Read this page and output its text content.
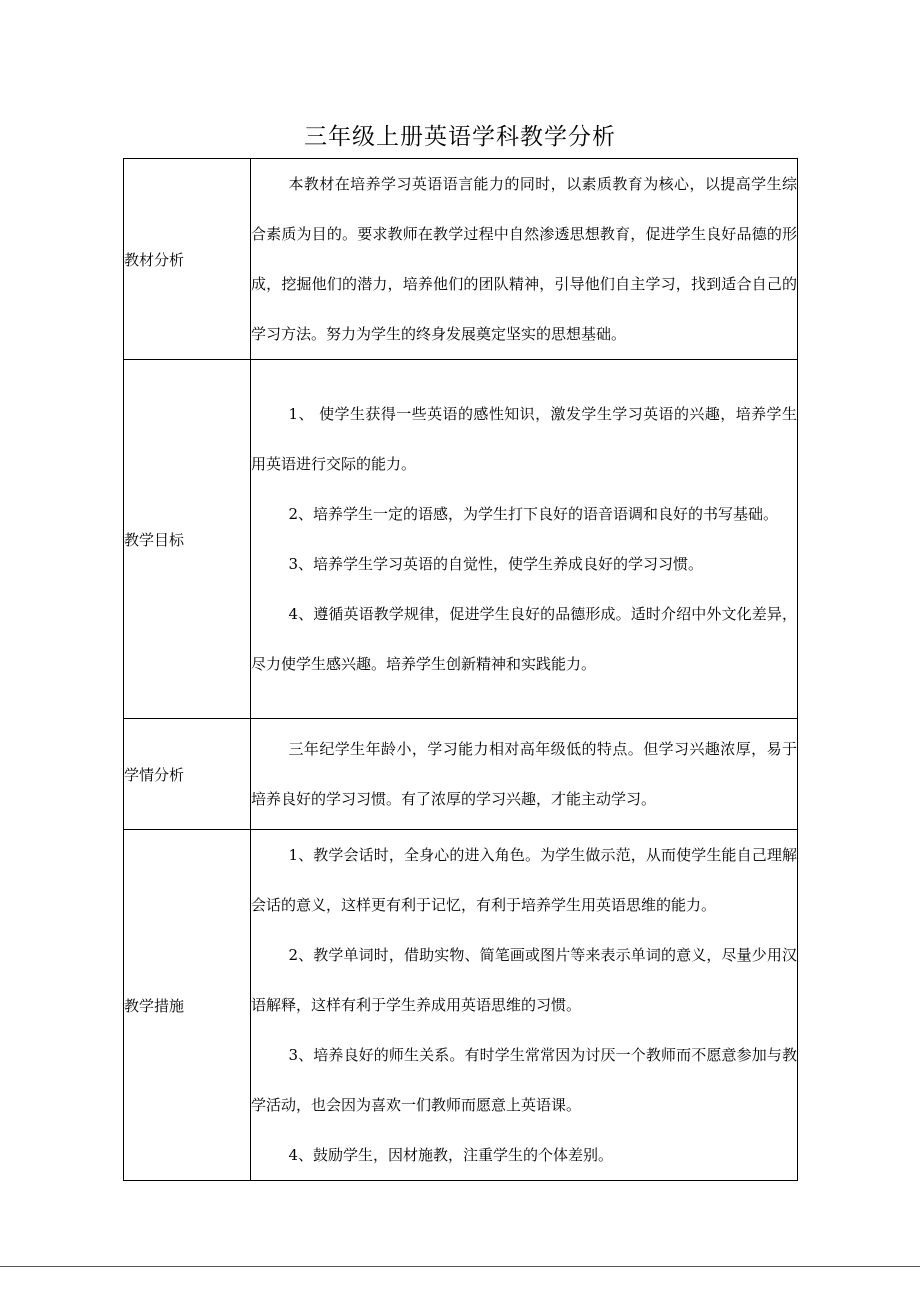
三年级上册英语学科教学分析
教材分析	本教材在培养学习英语语言能力的同时，以素质教育为核心，以提高学生综合素质为目的。要求教师在教学过程中自然渗透思想教育，促进学生良好品德的形成，挖掘他们的潜力，培养他们的团队精神，引导他们自主学习，找到适合自己的学习方法。努力为学生的终身发展奠定坚实的思想基础。

教学目标	1、 使学生获得一些英语的感性知识，激发学生学习英语的兴趣，培养学生用英语进行交际的能力。

2、培养学生一定的语感，为学生打下良好的语音语调和良好的书写基础。

3、培养学生学习英语的自觉性，使学生养成良好的学习习惯。

4、遵循英语教学规律，促进学生良好的品德形成。适时介绍中外文化差异，尽力使学生感兴趣。培养学生创新精神和实践能力。

学情分析	三年纪学生年龄小，学习能力相对高年级低的特点。但学习兴趣浓厚，易于培养良好的学习习惯。有了浓厚的学习兴趣，才能主动学习。

教学措施	1、教学会话时，全身心的进入角色。为学生做示范，从而使学生能自己理解会话的意义，这样更有利于记忆，有利于培养学生用英语思维的能力。

2、教学单词时，借助实物、简笔画或图片等来表示单词的意义，尽量少用汉语解释，这样有利于学生养成用英语思维的习惯。

3、培养良好的师生关系。有时学生常常因为讨厌一个教师而不愿意参加与教学活动，也会因为喜欢一们教师而愿意上英语课。

4、鼓励学生，因材施教，注重学生的个体差别。
